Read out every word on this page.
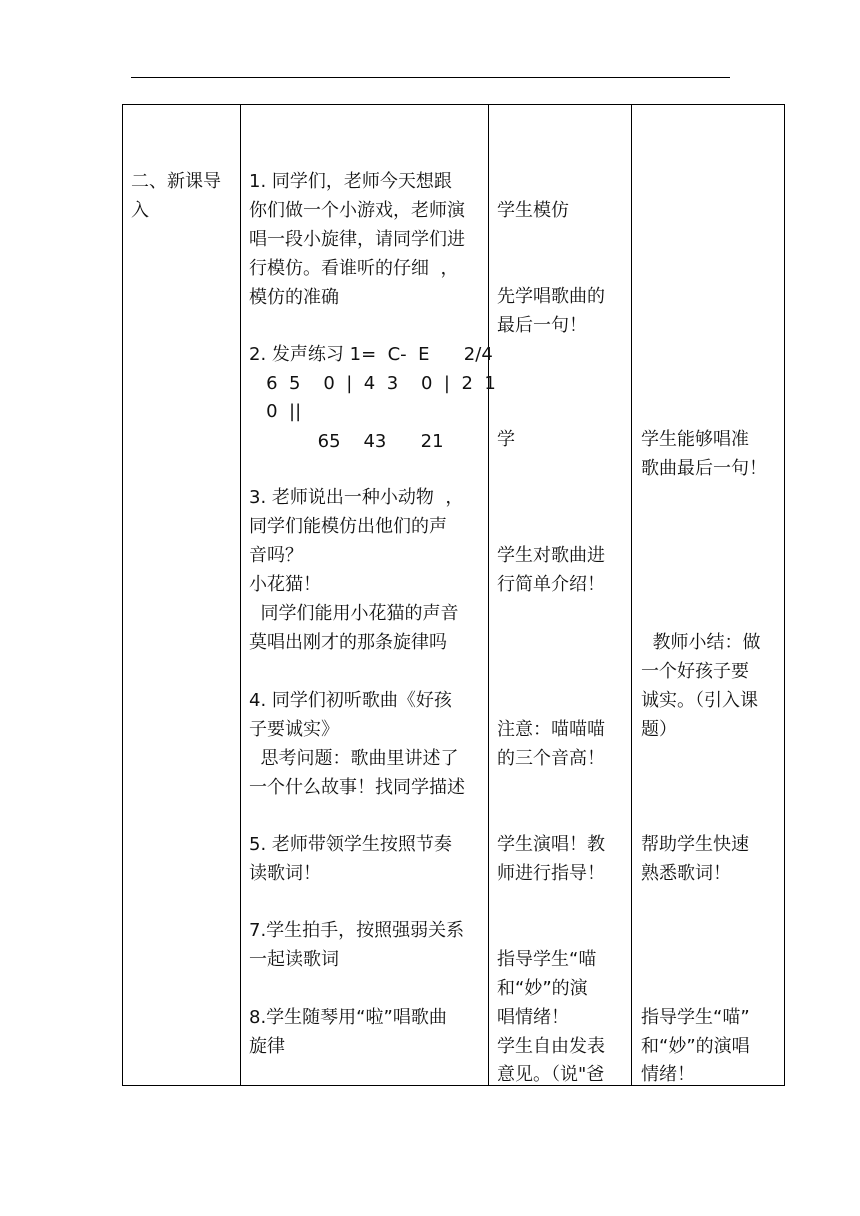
二、新课导
入
1. 同学们，老师今天想跟
你们做一个小游戏，老师演
唱一段小旋律，请同学们进
行模仿。看谁听的仔细  ，
模仿的准确
2. 发声练习 1=  C-  E      2/4
6  5    0  |  4  3    0  |  2  1
0  ||
65    43      21
3. 老师说出一种小动物  ，
同学们能模仿出他们的声
音吗？
小花猫！
同学们能用小花猫的声音
莫唱出刚才的那条旋律吗
4. 同学们初听歌曲《好孩
子要诚实》
思考问题：歌曲里讲述了
一个什么故事！找同学描述
5. 老师带领学生按照节奏
读歌词！
7.学生拍手，按照强弱关系
一起读歌词
8.学生随琴用“啦”唱歌曲
旋律
学生模仿
先学唱歌曲的
最后一句！
学
学生对歌曲进
行简单介绍！
注意：喵喵喵
的三个音高！
学生演唱！教
师进行指导！
指导学生“喵
和“妙”的演
唱情绪！
学生自由发表
意见。（说"爸
学生能够唱准
歌曲最后一句！
教师小结：做
一个好孩子要
诚实。（引入课
题）
帮助学生快速
熟悉歌词！
指导学生“喵”
和“妙”的演唱
情绪！
